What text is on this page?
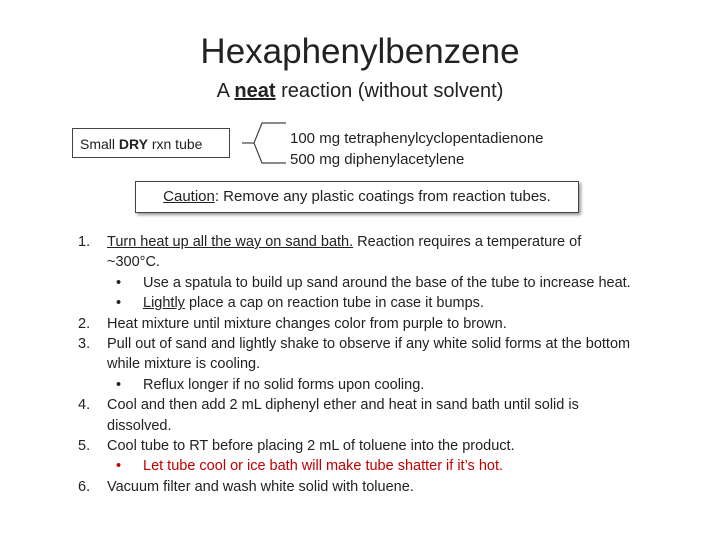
Hexaphenylbenzene
A neat reaction (without solvent)
Small DRY rxn tube	100 mg tetraphenylcyclopentadienone
500 mg diphenylacetylene
Caution: Remove any plastic coatings from reaction tubes.
1. Turn heat up all the way on sand bath. Reaction requires a temperature of ~300°C.
• Use a spatula to build up sand around the base of the tube to increase heat.
• Lightly place a cap on reaction tube in case it bumps.
2. Heat mixture until mixture changes color from purple to brown.
3. Pull out of sand and lightly shake to observe if any white solid forms at the bottom while mixture is cooling.
• Reflux longer if no solid forms upon cooling.
4. Cool and then add 2 mL diphenyl ether and heat in sand bath until solid is dissolved.
5. Cool tube to RT before placing 2 mL of toluene into the product.
• Let tube cool or ice bath will make tube shatter if it’s hot.
6. Vacuum filter and wash white solid with toluene.
